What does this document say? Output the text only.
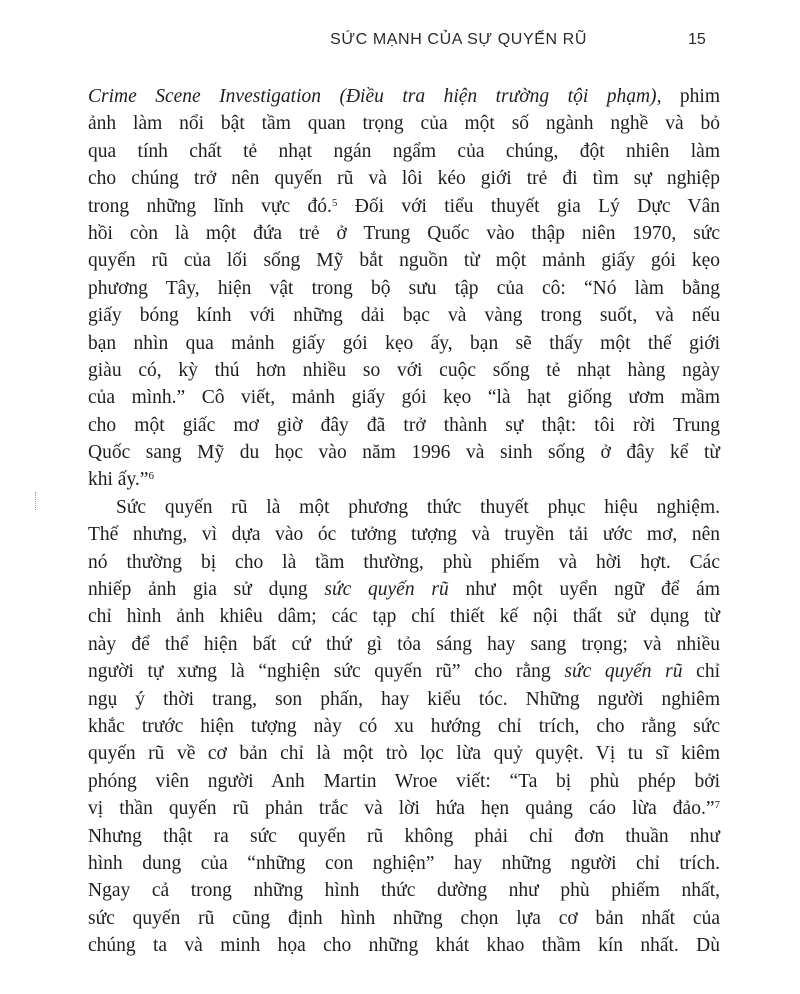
SỨC MẠNH CỦA SỰ QUYẾN RŨ	15
Crime Scene Investigation (Điều tra hiện trường tội phạm), phim
ảnh làm nổi bật tầm quan trọng của một số ngành nghề và bỏ
qua tính chất tẻ nhạt ngán ngẩm của chúng, đột nhiên làm
cho chúng trở nên quyến rũ và lôi kéo giới trẻ đi tìm sự nghiệp
trong những lĩnh vực đó.$^5$ Đối với tiểu thuyết gia Lý Dực Vân
hồi còn là một đứa trẻ ở Trung Quốc vào thập niên 1970, sức
quyến rũ của lối sống Mỹ bắt nguồn từ một mảnh giấy gói kẹo
phương Tây, hiện vật trong bộ sưu tập của cô: “Nó làm bằng
giấy bóng kính với những dải bạc và vàng trong suốt, và nếu
bạn nhìn qua mảnh giấy gói kẹo ấy, bạn sẽ thấy một thế giới
giàu có, kỳ thú hơn nhiều so với cuộc sống tẻ nhạt hàng ngày
của mình.” Cô viết, mảnh giấy gói kẹo “là hạt giống ươm mầm
cho một giấc mơ giờ đây đã trở thành sự thật: tôi rời Trung
Quốc sang Mỹ du học vào năm 1996 và sinh sống ở đây kể từ
khi ấy.”$^6$
Sức quyến rũ là một phương thức thuyết phục hiệu nghiệm.
Thế nhưng, vì dựa vào óc tưởng tượng và truyền tải ước mơ, nên
nó thường bị cho là tầm thường, phù phiếm và hời hợt. Các
nhiếp ảnh gia sử dụng sức quyến rũ như một uyển ngữ để ám
chỉ hình ảnh khiêu dâm; các tạp chí thiết kế nội thất sử dụng từ
này để thể hiện bất cứ thứ gì tỏa sáng hay sang trọng; và nhiều
người tự xưng là “nghiện sức quyến rũ” cho rằng sức quyến rũ chỉ
ngụ ý thời trang, son phấn, hay kiểu tóc. Những người nghiêm
khắc trước hiện tượng này có xu hướng chỉ trích, cho rằng sức
quyến rũ về cơ bản chỉ là một trò lọc lừa quỷ quyệt. Vị tu sĩ kiêm
phóng viên người Anh Martin Wroe viết: “Ta bị phù phép bởi
vị thần quyến rũ phản trắc và lời hứa hẹn quảng cáo lừa đảo.”$^7$
Nhưng thật ra sức quyến rũ không phải chỉ đơn thuần như
hình dung của “những con nghiện” hay những người chỉ trích.
Ngay cả trong những hình thức dường như phù phiếm nhất,
sức quyến rũ cũng định hình những chọn lựa cơ bản nhất của
chúng ta và minh họa cho những khát khao thầm kín nhất. Dù
